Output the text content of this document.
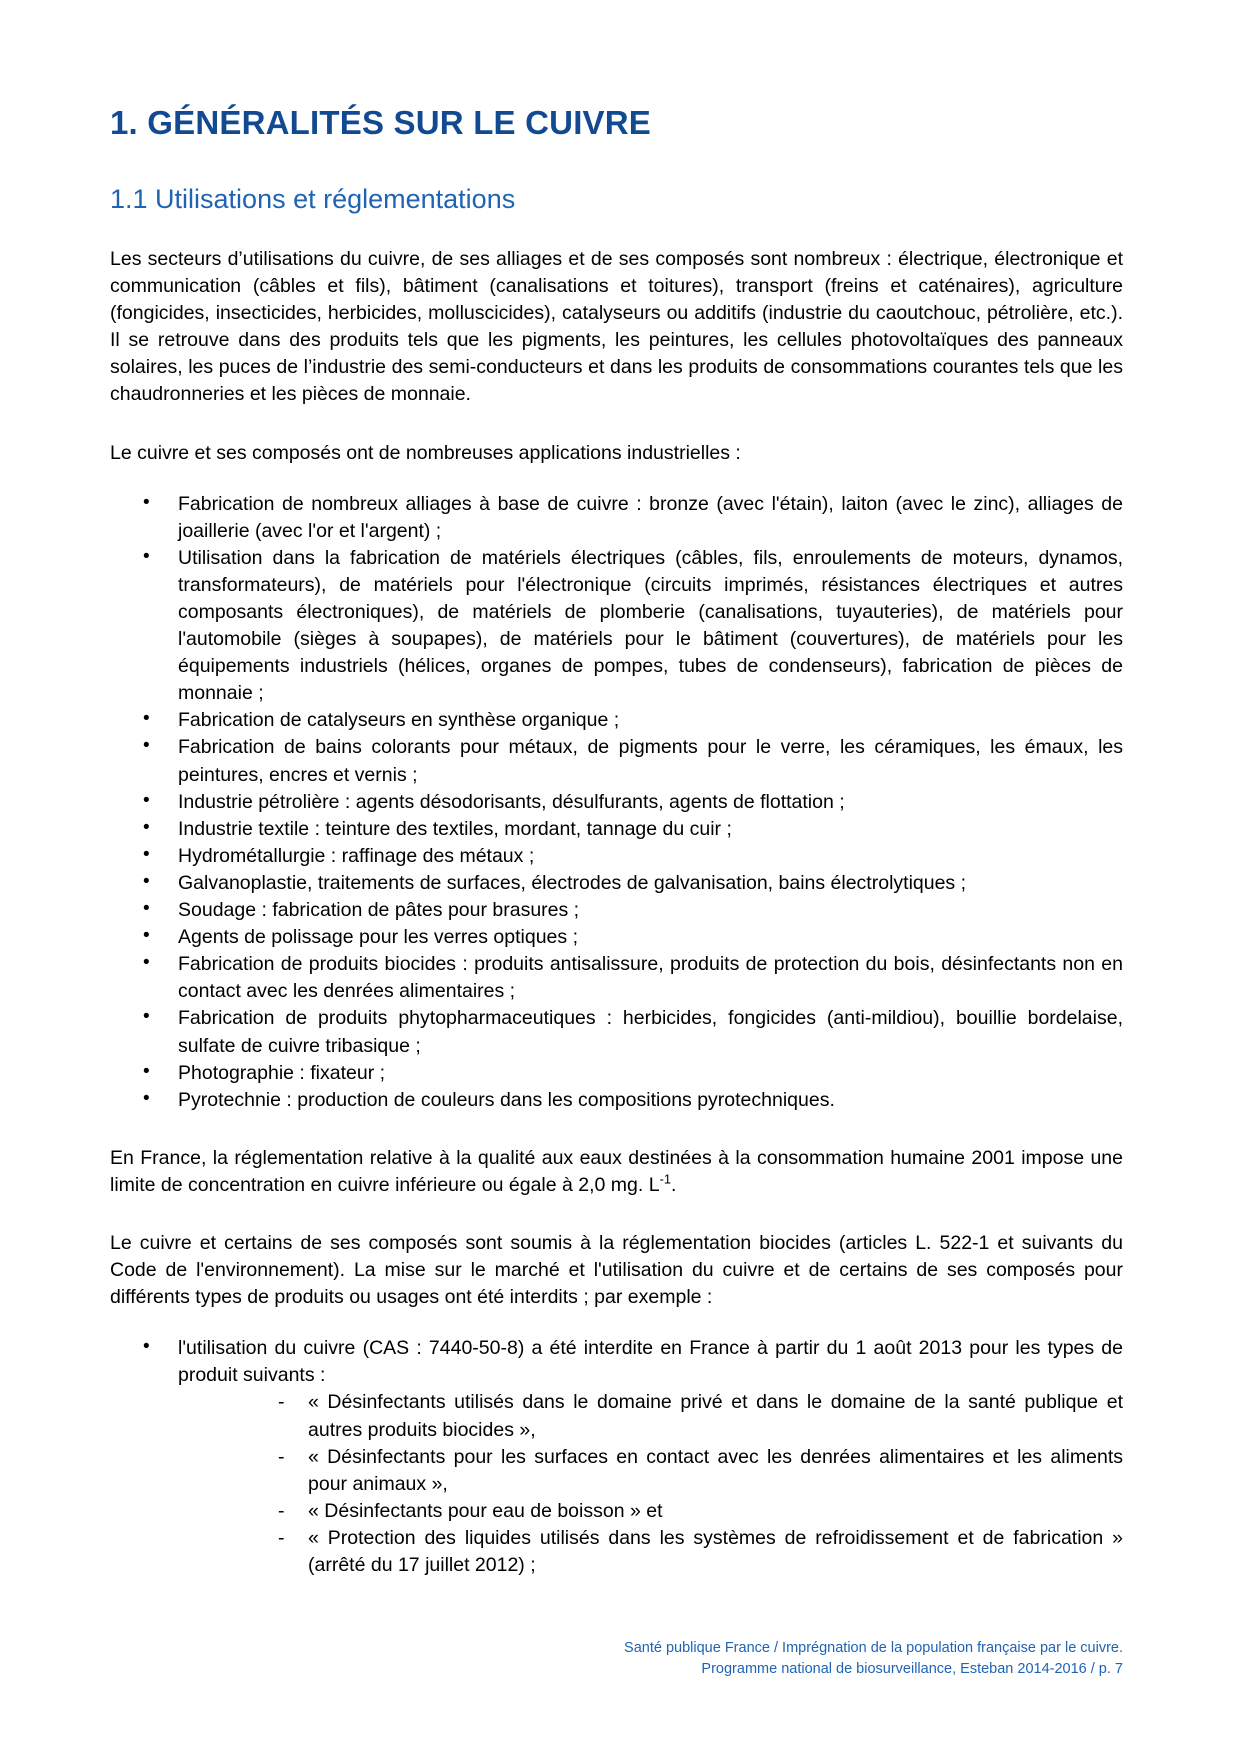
1. GÉNÉRALITÉS SUR LE CUIVRE
1.1 Utilisations et réglementations

Les secteurs d’utilisations du cuivre, de ses alliages et de ses composés sont nombreux : électrique, électronique et communication (câbles et fils), bâtiment (canalisations et toitures), transport (freins et caténaires), agriculture (fongicides, insecticides, herbicides, molluscicides), catalyseurs ou additifs (industrie du caoutchouc, pétrolière, etc.). Il se retrouve dans des produits tels que les pigments, les peintures, les cellules photovoltaïques des panneaux solaires, les puces de l’industrie des semi-conducteurs et dans les produits de consommations courantes tels que les chaudronneries et les pièces de monnaie.

Le cuivre et ses composés ont de nombreuses applications industrielles :

• Fabrication de nombreux alliages à base de cuivre : bronze (avec l'étain), laiton (avec le zinc), alliages de joaillerie (avec l'or et l'argent) ;
• Utilisation dans la fabrication de matériels électriques (câbles, fils, enroulements de moteurs, dynamos, transformateurs), de matériels pour l'électronique (circuits imprimés, résistances électriques et autres composants électroniques), de matériels de plomberie (canalisations, tuyauteries), de matériels pour l'automobile (sièges à soupapes), de matériels pour le bâtiment (couvertures), de matériels pour les équipements industriels (hélices, organes de pompes, tubes de condenseurs), fabrication de pièces de monnaie ;
• Fabrication de catalyseurs en synthèse organique ;
• Fabrication de bains colorants pour métaux, de pigments pour le verre, les céramiques, les émaux, les peintures, encres et vernis ;
• Industrie pétrolière : agents désodorisants, désulfurants, agents de flottation ;
• Industrie textile : teinture des textiles, mordant, tannage du cuir ;
• Hydrométallurgie : raffinage des métaux ;
• Galvanoplastie, traitements de surfaces, électrodes de galvanisation, bains électrolytiques ;
• Soudage : fabrication de pâtes pour brasures ;
• Agents de polissage pour les verres optiques ;
• Fabrication de produits biocides : produits antisalissure, produits de protection du bois, désinfectants non en contact avec les denrées alimentaires ;
• Fabrication de produits phytopharmaceutiques : herbicides, fongicides (anti-mildiou), bouillie bordelaise, sulfate de cuivre tribasique ;
• Photographie : fixateur ;
• Pyrotechnie : production de couleurs dans les compositions pyrotechniques.

En France, la réglementation relative à la qualité aux eaux destinées à la consommation humaine 2001 impose une limite de concentration en cuivre inférieure ou égale à 2,0 mg. $L^{-1}$.

Le cuivre et certains de ses composés sont soumis à la réglementation biocides (articles L. 522-1 et suivants du Code de l'environnement). La mise sur le marché et l'utilisation du cuivre et de certains de ses composés pour différents types de produits ou usages ont été interdits ; par exemple :

• l'utilisation du cuivre (CAS : 7440-50-8) a été interdite en France à partir du 1 août 2013 pour les types de produit suivants :
- « Désinfectants utilisés dans le domaine privé et dans le domaine de la santé publique et autres produits biocides »,
- « Désinfectants pour les surfaces en contact avec les denrées alimentaires et les aliments pour animaux »,
- « Désinfectants pour eau de boisson » et
- « Protection des liquides utilisés dans les systèmes de refroidissement et de fabrication » (arrêté du 17 juillet 2012) ;
Santé publique France / Imprégnation de la population française par le cuivre.
Programme national de biosurveillance, Esteban 2014-2016 / p. 7
